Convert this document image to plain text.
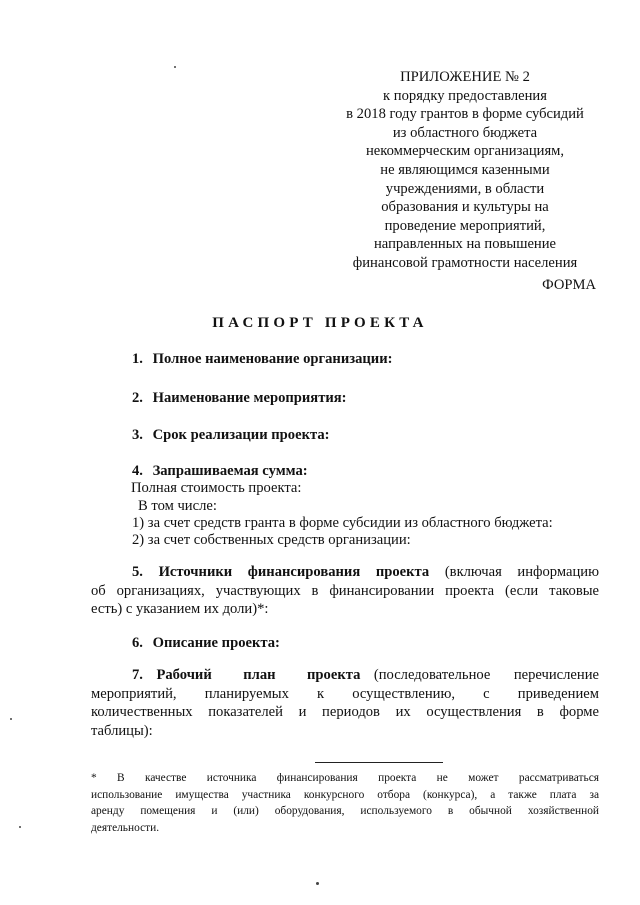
ПРИЛОЖЕНИЕ № 2
к порядку предоставления
в 2018 году грантов в форме субсидий
из областного бюджета
некоммерческим организациям,
не являющимся казенными
учреждениями, в области
образования и культуры на
проведение мероприятий,
направленных на повышение
финансовой грамотности населения
ФОРМА
ПАСПОРТ ПРОЕКТА
1. Полное наименование организации:
2. Наименование мероприятия:
3. Срок реализации проекта:
4. Запрашиваемая сумма:
Полная стоимость проекта:
В том числе:
1) за счет средств гранта в форме субсидии из областного бюджета:
2) за счет собственных средств организации:
5. Источники финансирования проекта (включая информацию
об организациях, участвующих в финансировании проекта (если таковые
есть) с указанием их доли)*:
6. Описание проекта:
7. Рабочий план проекта (последовательное перечисление
мероприятий, планируемых к осуществлению, с приведением
количественных показателей и периодов их осуществления в форме
таблицы):
* В качестве источника финансирования проекта не может рассматриваться
использование имущества участника конкурсного отбора (конкурса), а также плата за
аренду помещения и (или) оборудования, используемого в обычной хозяйственной
деятельности.
